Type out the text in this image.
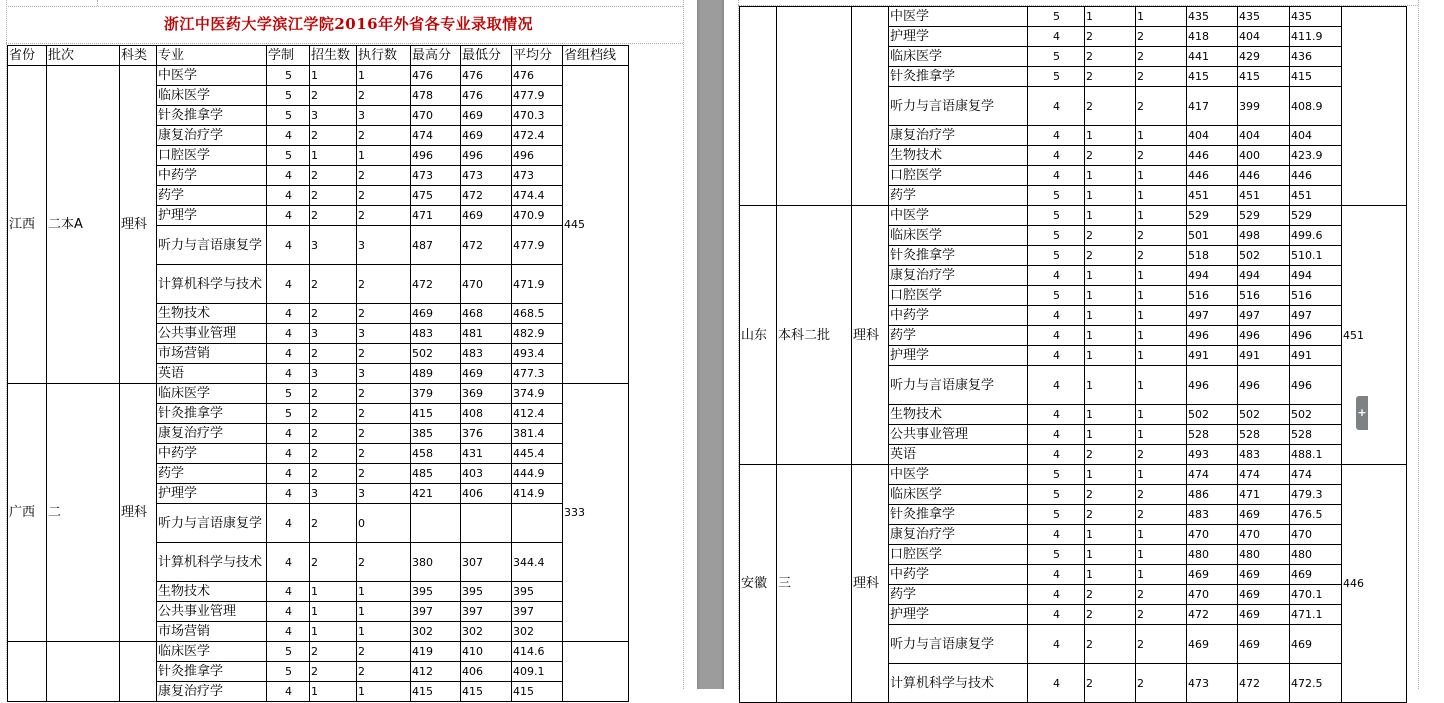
浙江中医药大学滨江学院2016年外省各专业录取情况
省份	批次	科类	专业	学制	招生数	执行数	最高分	最低分	平均分	省组档线
江西	二本A	理科	中医学	5	1	1	476	476	476	445
			临床医学	5	2	2	478	476	477.9	
			针灸推拿学	5	3	3	470	469	470.3	
			康复治疗学	4	2	2	474	469	472.4	
			口腔医学	5	1	1	496	496	496	
			中药学	4	2	2	473	473	473	
			药学	4	2	2	475	472	474.4	
			护理学	4	2	2	471	469	470.9	
			听力与言语康复学	4	3	3	487	472	477.9	
			计算机科学与技术	4	2	2	472	470	471.9	
			生物技术	4	2	2	469	468	468.5	
			公共事业管理	4	3	3	483	481	482.9	
			市场营销	4	2	2	502	483	493.4	
			英语	4	3	3	489	469	477.3	
广西	二	理科	临床医学	5	2	2	379	369	374.9	333
			针灸推拿学	5	2	2	415	408	412.4	
			康复治疗学	4	2	2	385	376	381.4	
			中药学	4	2	2	458	431	445.4	
			药学	4	2	2	485	403	444.9	
			护理学	4	3	3	421	406	414.9	
			听力与言语康复学	4	2	0				
			计算机科学与技术	4	2	2	380	307	344.4	
			生物技术	4	1	1	395	395	395	
			公共事业管理	4	1	1	397	397	397	
			市场营销	4	1	1	302	302	302	
			临床医学	5	2	2	419	410	414.6	
			针灸推拿学	5	2	2	412	406	409.1	
			康复治疗学	4	1	1	415	415	415	
			中医学	5	1	1	435	435	435	
			护理学	4	2	2	418	404	411.9	
			临床医学	5	2	2	441	429	436	
			针灸推拿学	5	2	2	415	415	415	
			听力与言语康复学	4	2	2	417	399	408.9	
			康复治疗学	4	1	1	404	404	404	
			生物技术	4	2	2	446	400	423.9	
			口腔医学	4	1	1	446	446	446	
			药学	5	1	1	451	451	451	
山东	本科二批	理科	中医学	5	1	1	529	529	529	451
			临床医学	5	2	2	501	498	499.6	
			针灸推拿学	5	2	2	518	502	510.1	
			康复治疗学	4	1	1	494	494	494	
			口腔医学	5	1	1	516	516	516	
			中药学	4	1	1	497	497	497	
			药学	4	1	1	496	496	496	
			护理学	4	1	1	491	491	491	
			听力与言语康复学	4	1	1	496	496	496	
			生物技术	4	1	1	502	502	502	
			公共事业管理	4	1	1	528	528	528	
			英语	4	2	2	493	483	488.1	
安徽	三	理科	中医学	5	1	1	474	474	474	446
			临床医学	5	2	2	486	471	479.3	
			针灸推拿学	5	2	2	483	469	476.5	
			康复治疗学	4	1	1	470	470	470	
			口腔医学	5	1	1	480	480	480	
			中药学	4	1	1	469	469	469	
			药学	4	2	2	470	469	470.1	
			护理学	4	2	2	472	469	471.1	
			听力与言语康复学	4	2	2	469	469	469	
			计算机科学与技术	4	2	2	473	472	472.5	
+
